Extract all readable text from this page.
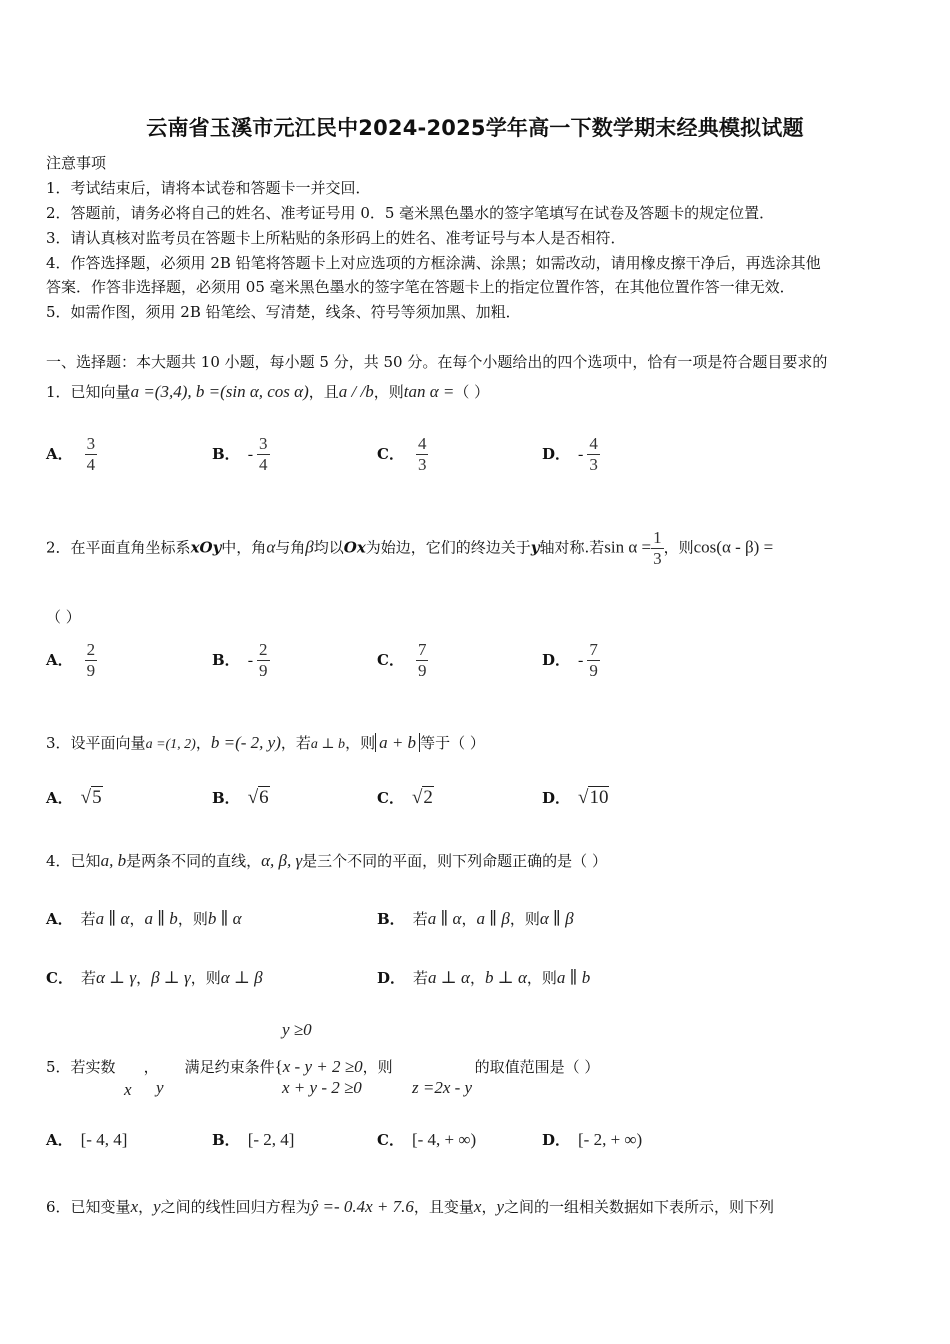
云南省玉溪市元江民中2024-2025学年高一下数学期末经典模拟试题
注意事项
1．考试结束后，请将本试卷和答题卡一并交回．
2．答题前，请务必将自己的姓名、准考证号用 0．5 毫米黑色墨水的签字笔填写在试卷及答题卡的规定位置．
3．请认真核对监考员在答题卡上所粘贴的条形码上的姓名、准考证号与本人是否相符．
4．作答选择题，必须用 2B 铅笔将答题卡上对应选项的方框涂满、涂黑；如需改动，请用橡皮擦干净后，再选涂其他
答案．作答非选择题，必须用 05 毫米黑色墨水的签字笔在答题卡上的指定位置作答，在其他位置作答一律无效．
5．如需作图，须用 2B 铅笔绘、写清楚，线条、符号等须加黑、加粗．
一、选择题：本大题共 10 小题，每小题 5 分，共 50 分。在每个小题给出的四个选项中，恰有一项是符合题目要求的
1．已知向量a =(3,4), b =(sin α, cos α)，且a / /b，则tan α =（ ）
A． $\frac{3}{4}$	B． - $\frac{3}{4}$	C． $\frac{4}{3}$	D． - $\frac{4}{3}$
2．在平面直角坐标系xOy中，角α与角β均以Ox为始边，它们的终边关于y轴对称.若$\sin \alpha = \frac{1}{3}$ ，则cos(α - β) =
（ ）
A． $\frac{2}{9}$	B． - $\frac{2}{9}$	C． $\frac{7}{9}$	D． - $\frac{7}{9}$
3．设平面向量a =(1, 2)，b =(- 2, y)，若a ⊥ b，则 a + b 等于（ ）
A． √5	B． √6	C． √2	D． √10
4．已知a, b是两条不同的直线，α, β, γ是三个不同的平面，则下列命题正确的是（ ）
A． 若a ∥ α，a ∥ b，则b ∥ α	B． 若a ∥ α，a ∥ β，则α ∥ β
C． 若α ⊥ γ，β ⊥ γ，则α ⊥ β	D． 若a ⊥ α，b ⊥ α，则a ∥ b
y ≥0
5．若实数 ， 满足约束条件{x - y + 2 ≥0，则	的取值范围是（ ）
x y	x + y - 2 ≥0	z =2x - y
A． [- 4, 4]	B． [- 2, 4]	C． [- 4, + ∞)	D． [- 2, + ∞)
6．已知变量x，y之间的线性回归方程为ŷ =- 0.4x + 7.6，且变量x，y之间的一组相关数据如下表所示，则下列
